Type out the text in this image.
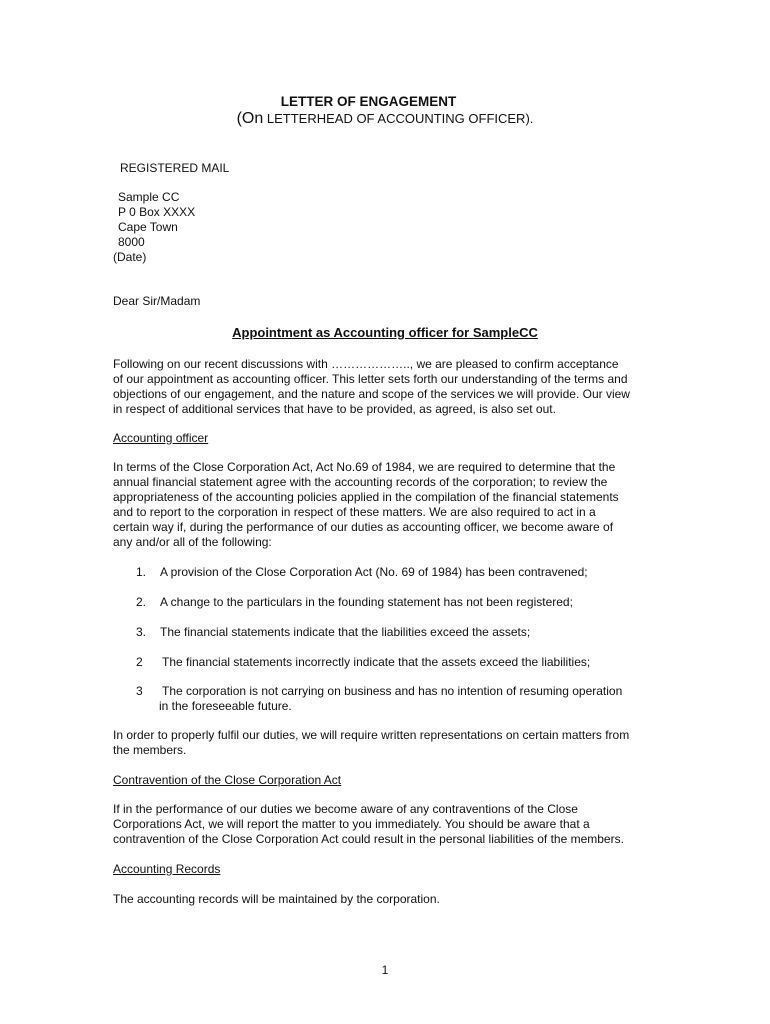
LETTER OF ENGAGEMENT
(On LETTERHEAD OF ACCOUNTING OFFICER).
REGISTERED MAIL
Sample CC
P 0 Box XXXX
Cape Town
8000
(Date)
Dear Sir/Madam
Appointment as Accounting officer for SampleCC
Following on our recent discussions with ……………….., we are pleased to confirm acceptance
of our appointment as accounting officer. This letter sets forth our understanding of the terms and
objections of our engagement, and the nature and scope of the services we will provide. Our view
in respect of additional services that have to be provided, as agreed, is also set out.
Accounting officer
In terms of the Close Corporation Act, Act No.69 of 1984, we are required to determine that the
annual financial statement agree with the accounting records of the corporation; to review the
appropriateness of the accounting policies applied in the compilation of the financial statements
and to report to the corporation in respect of these matters. We are also required to act in a
certain way if, during the performance of our duties as accounting officer, we become aware of
any and/or all of the following:
1. A provision of the Close Corporation Act (No. 69 of 1984) has been contravened;
2. A change to the particulars in the founding statement has not been registered;
3. The financial statements indicate that the liabilities exceed the assets;
2 The financial statements incorrectly indicate that the assets exceed the liabilities;
3 The corporation is not carrying on business and has no intention of resuming operation
in the foreseeable future.
In order to properly fulfil our duties, we will require written representations on certain matters from
the members.
Contravention of the Close Corporation Act
If in the performance of our duties we become aware of any contraventions of the Close
Corporations Act, we will report the matter to you immediately. You should be aware that a
contravention of the Close Corporation Act could result in the personal liabilities of the members.
Accounting Records
The accounting records will be maintained by the corporation.
1
